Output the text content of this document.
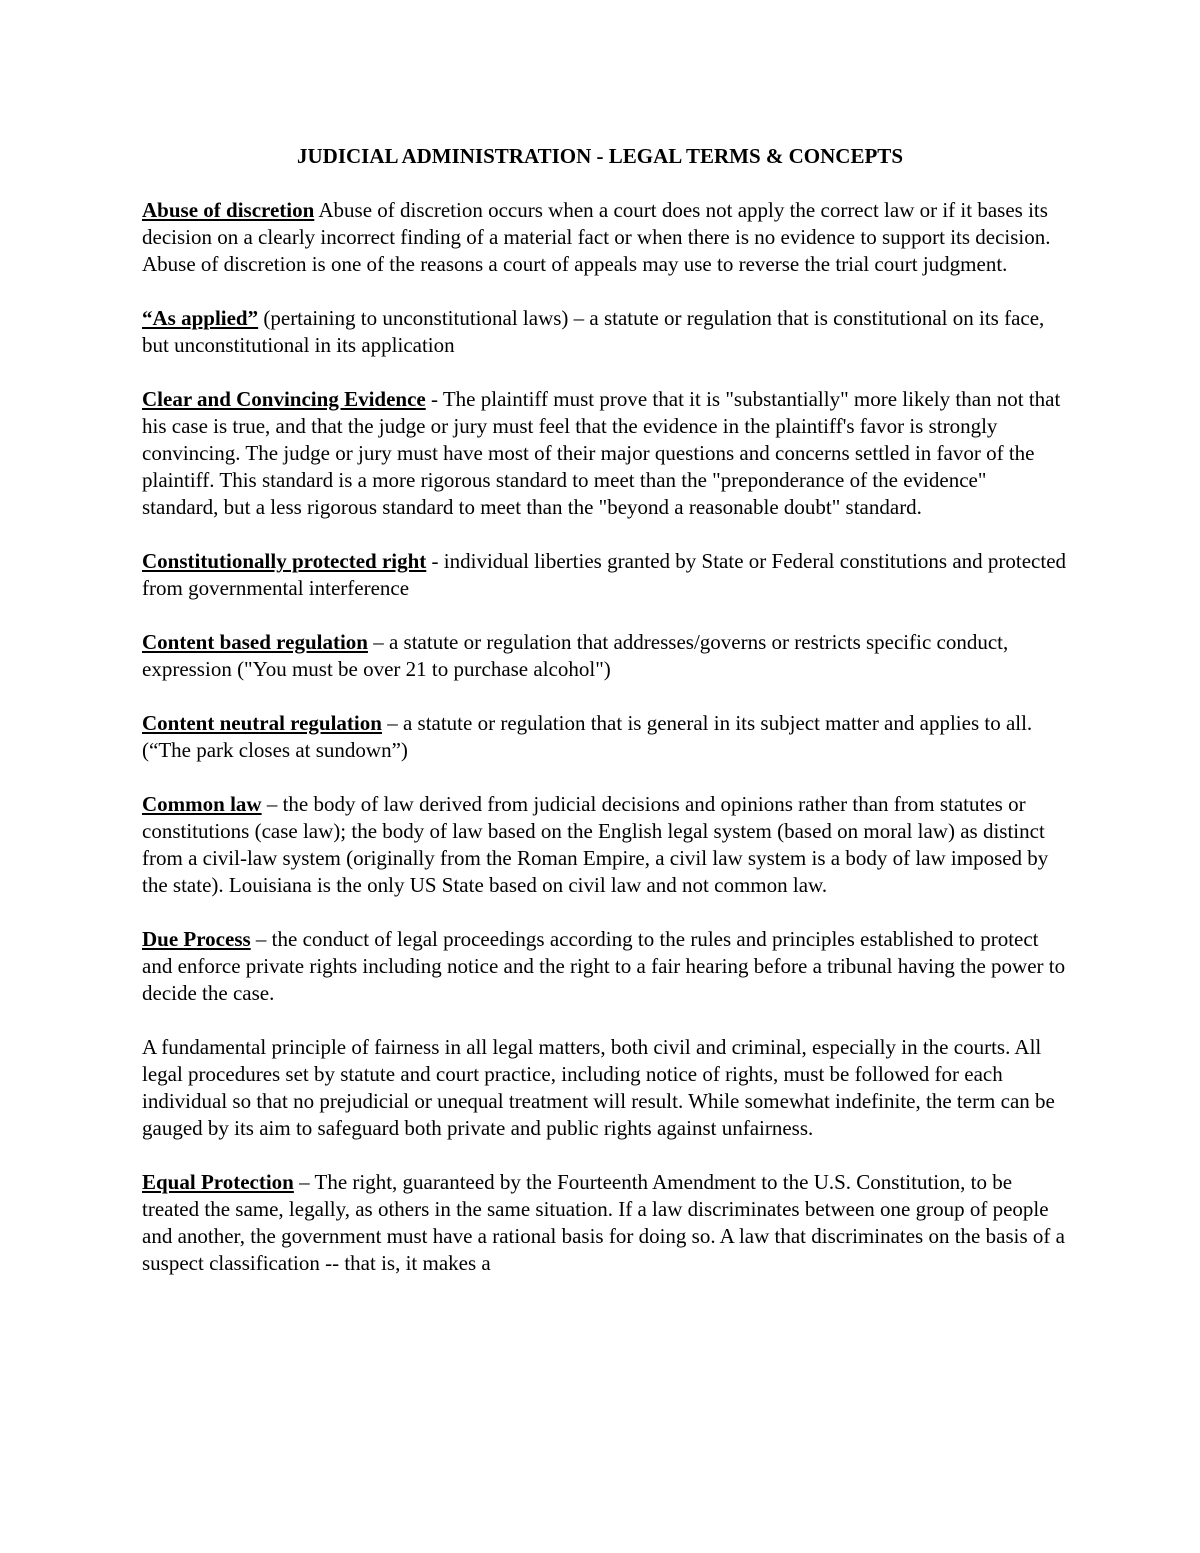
JUDICIAL ADMINISTRATION - LEGAL TERMS & CONCEPTS

Abuse of discretion Abuse of discretion occurs when a court does not apply the correct law or if it bases its decision on a clearly incorrect finding of a material fact or when there is no evidence to support its decision. Abuse of discretion is one of the reasons a court of appeals may use to reverse the trial court judgment.

“As applied” (pertaining to unconstitutional laws) – a statute or regulation that is constitutional on its face, but unconstitutional in its application

Clear and Convincing Evidence - The plaintiff must prove that it is "substantially" more likely than not that his case is true, and that the judge or jury must feel that the evidence in the plaintiff's favor is strongly convincing. The judge or jury must have most of their major questions and concerns settled in favor of the plaintiff. This standard is a more rigorous standard to meet than the "preponderance of the evidence" standard, but a less rigorous standard to meet than the "beyond a reasonable doubt" standard.

Constitutionally protected right - individual liberties granted by State or Federal constitutions and protected from governmental interference

Content based regulation – a statute or regulation that addresses/governs or restricts specific conduct, expression ("You must be over 21 to purchase alcohol")

Content neutral regulation – a statute or regulation that is general in its subject matter and applies to all. (“The park closes at sundown”)

Common law – the body of law derived from judicial decisions and opinions rather than from statutes or constitutions (case law); the body of law based on the English legal system (based on moral law) as distinct from a civil-law system (originally from the Roman Empire, a civil law system is a body of law imposed by the state). Louisiana is the only US State based on civil law and not common law.

Due Process – the conduct of legal proceedings according to the rules and principles established to protect and enforce private rights including notice and the right to a fair hearing before a tribunal having the power to decide the case.

A fundamental principle of fairness in all legal matters, both civil and criminal, especially in the courts. All legal procedures set by statute and court practice, including notice of rights, must be followed for each individual so that no prejudicial or unequal treatment will result. While somewhat indefinite, the term can be gauged by its aim to safeguard both private and public rights against unfairness.

Equal Protection – The right, guaranteed by the Fourteenth Amendment to the U.S. Constitution, to be treated the same, legally, as others in the same situation. If a law discriminates between one group of people and another, the government must have a rational basis for doing so. A law that discriminates on the basis of a suspect classification -- that is, it makes a
